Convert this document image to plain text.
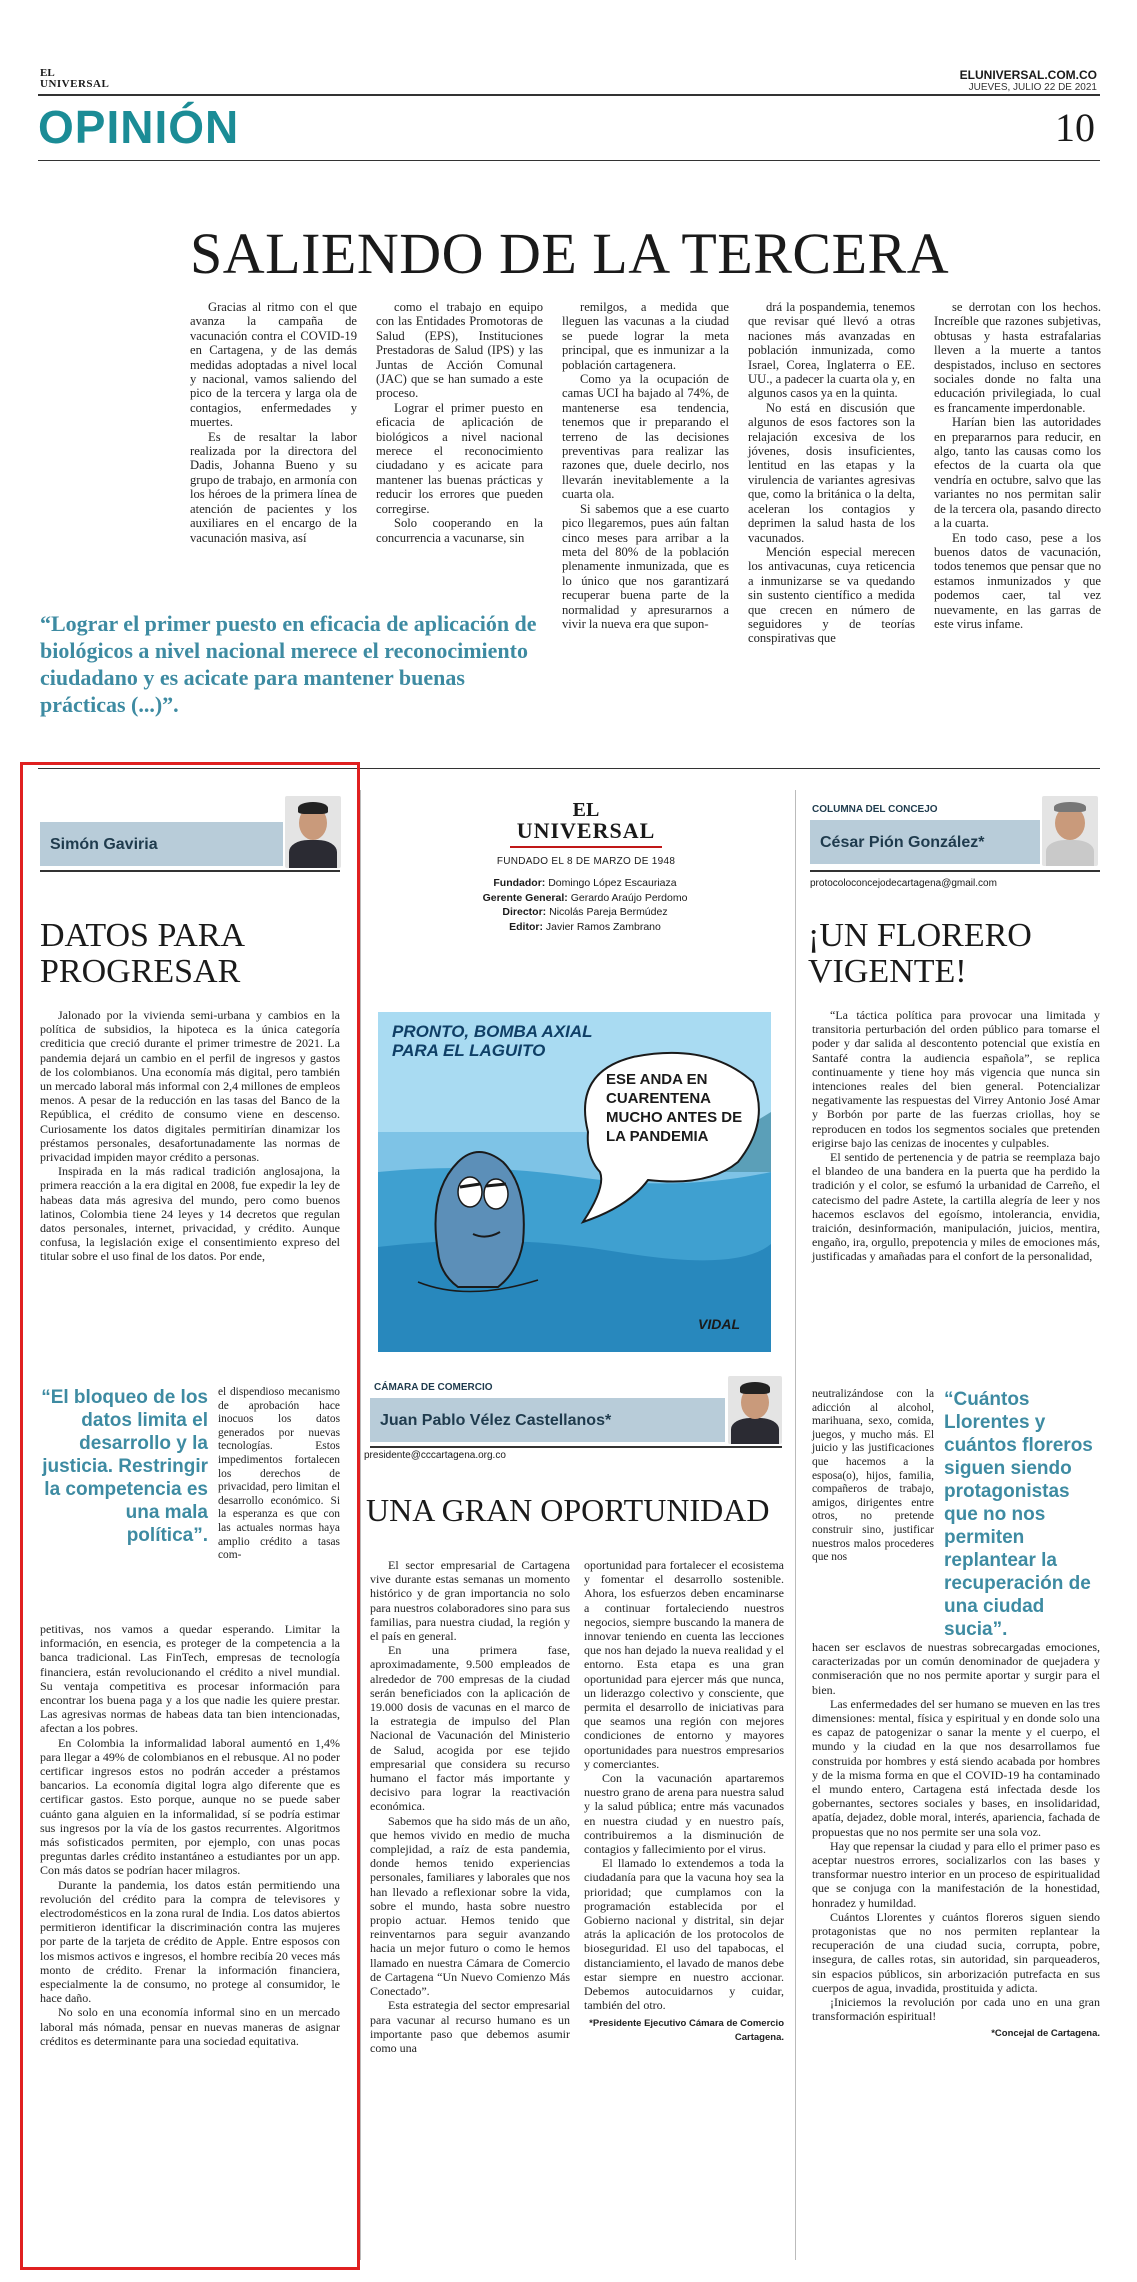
EL
UNIVERSAL
ELUNIVERSAL.COM.CO
JUEVES, JULIO 22 DE 2021
OPINIÓN	10
SALIENDO DE LA TERCERA

Gracias al ritmo con el que avanza la campaña de vacunación contra el COVID-19 en Cartagena, y de las demás medidas adoptadas a nivel local y nacional, vamos saliendo del pico de la tercera y larga ola de contagios, enfermedades y muertes.

Es de resaltar la labor realizada por la directora del Dadis, Johanna Bueno y su grupo de trabajo, en armonía con los héroes de la primera línea de atención de pacientes y los auxiliares en el encargo de la vacunación masiva, así

como el trabajo en equipo con las Entidades Promotoras de Salud (EPS), Instituciones Prestadoras de Salud (IPS) y las Juntas de Acción Comunal (JAC) que se han sumado a este proceso.

Lograr el primer puesto en eficacia de aplicación de biológicos a nivel nacional merece el reconocimiento ciudadano y es acicate para mantener las buenas prácticas y reducir los errores que pueden corregirse.

Solo cooperando en la concurrencia a vacunarse, sin

remilgos, a medida que lleguen las vacunas a la ciudad se puede lograr la meta principal, que es inmunizar a la población cartagenera.

Como ya la ocupación de camas UCI ha bajado al 74%, de mantenerse esa tendencia, tenemos que ir preparando el terreno de las decisiones preventivas para realizar las razones que, duele decirlo, nos llevarán inevitablemente a la cuarta ola.

Si sabemos que a ese cuarto pico llegaremos, pues aún faltan cinco meses para arribar a la meta del 80% de la población plenamente inmunizada, que es lo único que nos garantizará recuperar buena parte de la normalidad y apresurarnos a vivir la nueva era que supon-

drá la pospandemia, tenemos que revisar qué llevó a otras naciones más avanzadas en población inmunizada, como Israel, Corea, Inglaterra o EE. UU., a padecer la cuarta ola y, en algunos casos ya en la quinta.

No está en discusión que algunos de esos factores son la relajación excesiva de los jóvenes, dosis insuficientes, lentitud en las etapas y la virulencia de variantes agresivas que, como la británica o la delta, aceleran los contagios y deprimen la salud hasta de los vacunados.

Mención especial merecen los antivacunas, cuya reticencia a inmunizarse se va quedando sin sustento científico a medida que crecen en número de seguidores y de teorías conspirativas que

se derrotan con los hechos. Increíble que razones subjetivas, obtusas y hasta estrafalarias lleven a la muerte a tantos despistados, incluso en sectores sociales donde no falta una educación privilegiada, lo cual es francamente imperdonable.

Harían bien las autoridades en prepararnos para reducir, en algo, tanto las causas como los efectos de la cuarta ola que vendría en octubre, salvo que las variantes no nos permitan salir de la tercera ola, pasando directo a la cuarta.

En todo caso, pese a los buenos datos de vacunación, todos tenemos que pensar que no estamos inmunizados y que podemos caer, tal vez nuevamente, en las garras de este virus infame.

“Lograr el primer puesto en eficacia de aplicación de biológicos a nivel nacional merece el reconocimiento ciudadano y es acicate para mantener buenas prácticas (...)”.
Simón Gaviria
DATOS PARA
PROGRESAR

Jalonado por la vivienda semi-urbana y cambios en la política de subsidios, la hipoteca es la única categoría crediticia que creció durante el primer trimestre de 2021. La pandemia dejará un cambio en el perfil de ingresos y gastos de los colombianos. Una economía más digital, pero también un mercado laboral más informal con 2,4 millones de empleos menos. A pesar de la reducción en las tasas del Banco de la República, el crédito de consumo viene en descenso. Curiosamente los datos digitales permitirían dinamizar los préstamos personales, desafortunadamente las normas de privacidad impiden mayor crédito a personas.

Inspirada en la más radical tradición anglosajona, la primera reacción a la era digital en 2008, fue expedir la ley de habeas data más agresiva del mundo, pero como buenos latinos, Colombia tiene 24 leyes y 14 decretos que regulan datos personales, internet, privacidad, y crédito. Aunque confusa, la legislación exige el consentimiento expreso del titular sobre el uso final de los datos. Por ende,

“El bloqueo de los datos limita el desarrollo y la justicia. Restringir la competencia es una mala política”.
el dispendioso mecanismo de aprobación hace inocuos los datos generados por nuevas tecnologías. Estos impedimentos fortalecen los derechos de privacidad, pero limitan el desarrollo económico. Si la esperanza es que con las actuales normas haya amplio crédito a tasas com-

petitivas, nos vamos a quedar esperando. Limitar la información, en esencia, es proteger de la competencia a la banca tradicional. Las FinTech, empresas de tecnología financiera, están revolucionando el crédito a nivel mundial. Su ventaja competitiva es procesar información para encontrar los buena paga y a los que nadie les quiere prestar. Las agresivas normas de habeas data tan bien intencionadas, afectan a los pobres.

En Colombia la informalidad laboral aumentó en 1,4% para llegar a 49% de colombianos en el rebusque. Al no poder certificar ingresos estos no podrán acceder a préstamos bancarios. La economía digital logra algo diferente que es certificar gastos. Esto porque, aunque no se puede saber cuánto gana alguien en la informalidad, sí se podría estimar sus ingresos por la vía de los gastos recurrentes. Algoritmos más sofisticados permiten, por ejemplo, con unas pocas preguntas darles crédito instantáneo a estudiantes por un app. Con más datos se podrían hacer milagros.

Durante la pandemia, los datos están permitiendo una revolución del crédito para la compra de televisores y electrodomésticos en la zona rural de India. Los datos abiertos permitieron identificar la discriminación contra las mujeres por parte de la tarjeta de crédito de Apple. Entre esposos con los mismos activos e ingresos, el hombre recibía 20 veces más monto de crédito. Frenar la información financiera, especialmente la de consumo, no protege al consumidor, le hace daño.

No solo en una economía informal sino en un mercado laboral más nómada, pensar en nuevas maneras de asignar créditos es determinante para una sociedad equitativa.

EL
UNIVERSAL
FUNDADO EL 8 DE MARZO DE 1948
Fundador: Domingo López Escauriaza
Gerente General: Gerardo Araújo Perdomo
Director: Nicolás Pareja Bermúdez
Editor: Javier Ramos Zambrano
PRONTO, BOMBA AXIAL PARA EL LAGUITO
ESE ANDA EN CUARENTENA MUCHO ANTES DE LA PANDEMIA
VIDAL
CÁMARA DE COMERCIO
Juan Pablo Vélez Castellanos*
presidente@cccartagena.org.co
UNA GRAN OPORTUNIDAD

El sector empresarial de Cartagena vive durante estas semanas un momento histórico y de gran importancia no solo para nuestros colaboradores sino para sus familias, para nuestra ciudad, la región y el país en general.

En una primera fase, aproximadamente, 9.500 empleados de alrededor de 700 empresas de la ciudad serán beneficiados con la aplicación de 19.000 dosis de vacunas en el marco de la estrategia de impulso del Plan Nacional de Vacunación del Ministerio de Salud, acogida por ese tejido empresarial que considera su recurso humano el factor más importante y decisivo para lograr la reactivación económica.

Sabemos que ha sido más de un año, que hemos vivido en medio de mucha complejidad, a raíz de esta pandemia, donde hemos tenido experiencias personales, familiares y laborales que nos han llevado a reflexionar sobre la vida, sobre el mundo, hasta sobre nuestro propio actuar. Hemos tenido que reinventarnos para seguir avanzando hacia un mejor futuro o como le hemos llamado en nuestra Cámara de Comercio de Cartagena “Un Nuevo Comienzo Más Conectado”.

Esta estrategia del sector empresarial para vacunar al recurso humano es un importante paso que debemos asumir como una

oportunidad para fortalecer el ecosistema y fomentar el desarrollo sostenible. Ahora, los esfuerzos deben encaminarse a continuar fortaleciendo nuestros negocios, siempre buscando la manera de innovar teniendo en cuenta las lecciones que nos han dejado la nueva realidad y el entorno. Esta etapa es una gran oportunidad para ejercer más que nunca, un liderazgo colectivo y consciente, que permita el desarrollo de iniciativas para que seamos una región con mejores condiciones de entorno y mayores oportunidades para nuestros empresarios y comerciantes.

Con la vacunación apartaremos nuestro grano de arena para nuestra salud y la salud pública; entre más vacunados en nuestra ciudad y en nuestro país, contribuiremos a la disminución de contagios y fallecimiento por el virus.

El llamado lo extendemos a toda la ciudadanía para que la vacuna hoy sea la prioridad; que cumplamos con la programación establecida por el Gobierno nacional y distrital, sin dejar atrás la aplicación de los protocolos de bioseguridad. El uso del tapabocas, el distanciamiento, el lavado de manos debe estar siempre en nuestro accionar. Debemos autocuidarnos y cuidar, también del otro.

*Presidente Ejecutivo Cámara de Comercio Cartagena.
COLUMNA DEL CONCEJO
César Pión González*
protocoloconcejodecartagena@gmail.com
¡UN FLORERO
VIGENTE!

“La táctica política para provocar una limitada y transitoria perturbación del orden público para tomarse el poder y dar salida al descontento potencial que existía en Santafé contra la audiencia española”, se replica continuamente y tiene hoy más vigencia que nunca sin intenciones reales del bien general. Potencializar negativamente las respuestas del Virrey Antonio José Amar y Borbón por parte de las fuerzas criollas, hoy se reproducen en todos los segmentos sociales que pretenden erigirse bajo las cenizas de inocentes y culpables.

El sentido de pertenencia y de patria se reemplaza bajo el blandeo de una bandera en la puerta que ha perdido la tradición y el color, se esfumó la urbanidad de Carreño, el catecismo del padre Astete, la cartilla alegría de leer y nos hacemos esclavos del egoísmo, intolerancia, envidia, traición, desinformación, manipulación, juicios, mentira, engaño, ira, orgullo, prepotencia y miles de emociones más, justificadas y amañadas para el confort de la personalidad,

neutralizándose con la adicción al alcohol, marihuana, sexo, comida, juegos, y mucho más. El juicio y las justificaciones que hacemos a la esposa(o), hijos, familia, compañeros de trabajo, amigos, dirigentes entre otros, no pretende construir sino, justificar nuestros malos procederes que nos
“Cuántos Llorentes y cuántos floreros siguen siendo protagonistas que no nos permiten replantear la recuperación de una ciudad sucia”.

hacen ser esclavos de nuestras sobrecargadas emociones, caracterizadas por un común denominador de quejadera y conmiseración que no nos permite aportar y surgir para el bien.

Las enfermedades del ser humano se mueven en las tres dimensiones: mental, física y espiritual y en donde solo una es capaz de patogenizar o sanar la mente y el cuerpo, el mundo y la ciudad en la que nos desarrollamos fue construida por hombres y está siendo acabada por hombres y de la misma forma en que el COVID-19 ha contaminado el mundo entero, Cartagena está infectada desde los gobernantes, sectores sociales y bases, en insolidaridad, apatía, dejadez, doble moral, interés, apariencia, fachada de propuestas que no nos permite ser una sola voz.

Hay que repensar la ciudad y para ello el primer paso es aceptar nuestros errores, socializarlos con las bases y transformar nuestro interior en un proceso de espiritualidad que se conjuga con la manifestación de la honestidad, honradez y humildad.

Cuántos Llorentes y cuántos floreros siguen siendo protagonistas que no nos permiten replantear la recuperación de una ciudad sucia, corrupta, pobre, insegura, de calles rotas, sin autoridad, sin parqueaderos, sin espacios públicos, sin arborización putrefacta en sus cuerpos de agua, invadida, prostituida y adicta.

¡Iniciemos la revolución por cada uno en una gran transformación espiritual!

*Concejal de Cartagena.
